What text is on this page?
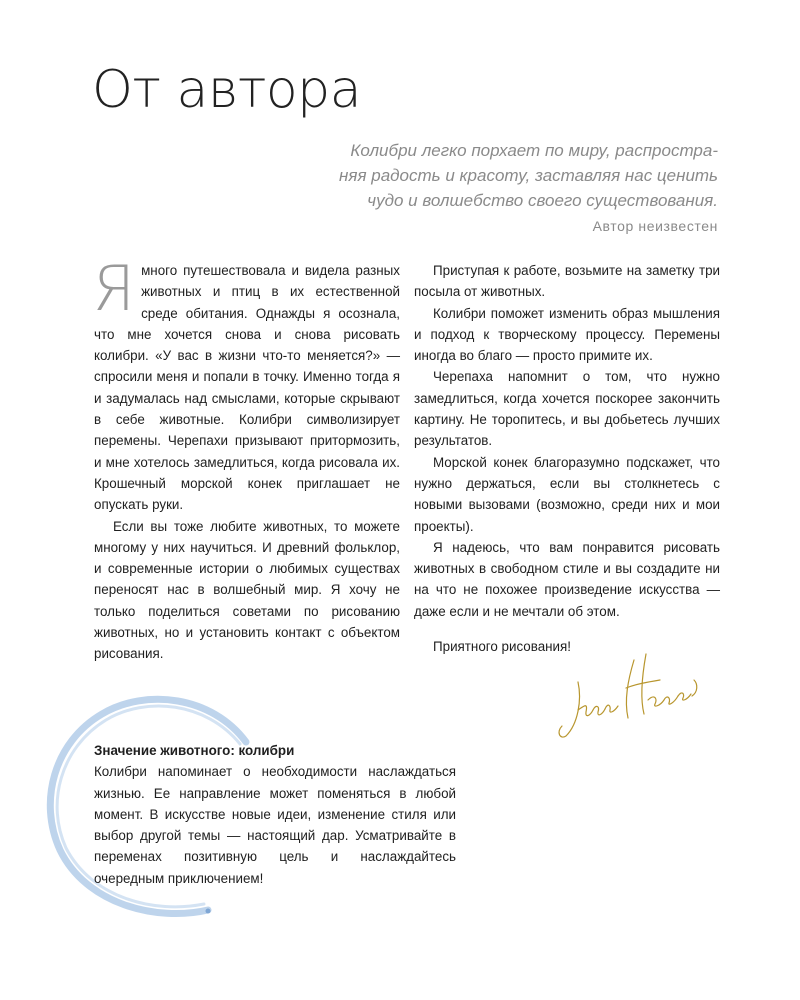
От автора

Колибри легко порхает по миру, распростра-

няя радость и красоту, заставляя нас ценить

чудо и волшебство своего существования.

Автор неизвестен

Ямного путешествовала и видела разных животных и птиц в их естественной среде обитания. Однажды я осознала, что мне хочется снова и снова рисовать колибри. «У вас в жизни что-то меняется?» — спросили меня и попали в точку. Именно тогда я и задумалась над смыслами, которые скрывают в себе животные. Колибри символизирует перемены. Черепахи призывают притормозить, и мне хотелось замедлиться, когда рисовала их. Крошечный морской конек приглашает не опускать руки.

Если вы тоже любите животных, то можете многому у них научиться. И древний фольклор, и современные истории о любимых существах переносят нас в волшебный мир. Я хочу не только поделиться советами по рисованию животных, но и установить контакт с объектом рисования.

Приступая к работе, возьмите на заметку три посыла от животных.

Колибри поможет изменить образ мышления и подход к творческому процессу. Перемены иногда во благо — просто примите их.

Черепаха напомнит о том, что нужно замедлиться, когда хочется поскорее закончить картину. Не торопитесь, и вы добьетесь лучших результатов.

Морской конек благоразумно подскажет, что нужно держаться, если вы столкнетесь с новыми вызовами (возможно, среди них и мои проекты).

Я надеюсь, что вам понравится рисовать животных в свободном стиле и вы создадите ни на что не похожее произведение искусства — даже если и не мечтали об этом.

Приятного рисования!

Значение животного: колибри

Колибри напоминает о необходимости наслаждаться жизнью. Ее направление может поменяться в любой момент. В искусстве новые идеи, изменение стиля или выбор другой темы — настоящий дар. Усматривайте в переменах позитивную цель и наслаждайтесь очередным приключением!
